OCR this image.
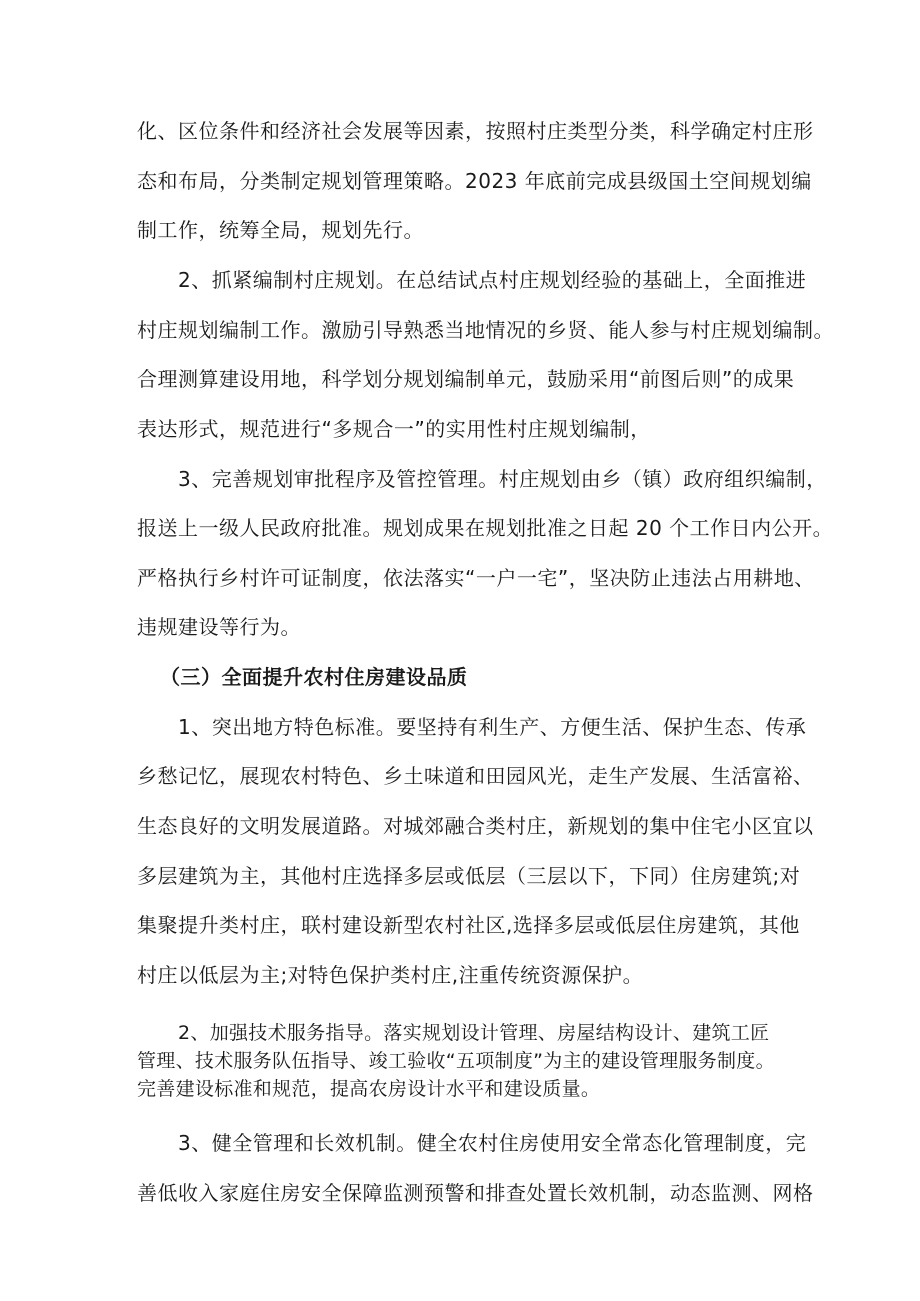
化、区位条件和经济社会发展等因素，按照村庄类型分类，科学确定村庄形
态和布局，分类制定规划管理策略。2023 年底前完成县级国土空间规划编
制工作，统筹全局，规划先行。
2、抓紧编制村庄规划。在总结试点村庄规划经验的基础上，全面推进
村庄规划编制工作。激励引导熟悉当地情况的乡贤、能人参与村庄规划编制。
合理测算建设用地，科学划分规划编制单元，鼓励采用“前图后则”的成果
表达形式，规范进行“多规合一”的实用性村庄规划编制，
3、完善规划审批程序及管控管理。村庄规划由乡（镇）政府组织编制，
报送上一级人民政府批准。规划成果在规划批准之日起 20 个工作日内公开。
严格执行乡村许可证制度，依法落实“一户一宅”，坚决防止违法占用耕地、
违规建设等行为。
（三）全面提升农村住房建设品质
1、突出地方特色标准。要坚持有利生产、方便生活、保护生态、传承
乡愁记忆，展现农村特色、乡土味道和田园风光，走生产发展、生活富裕、
生态良好的文明发展道路。对城郊融合类村庄，新规划的集中住宅小区宜以
多层建筑为主，其他村庄选择多层或低层（三层以下，下同）住房建筑;对
集聚提升类村庄，联村建设新型农村社区,选择多层或低层住房建筑，其他
村庄以低层为主;对特色保护类村庄,注重传统资源保护。
2、加强技术服务指导。落实规划设计管理、房屋结构设计、建筑工匠
管理、技术服务队伍指导、竣工验收“五项制度”为主的建设管理服务制度。
完善建设标准和规范，提高农房设计水平和建设质量。
3、健全管理和长效机制。健全农村住房使用安全常态化管理制度，完
善低收入家庭住房安全保障监测预警和排查处置长效机制，动态监测、网格
